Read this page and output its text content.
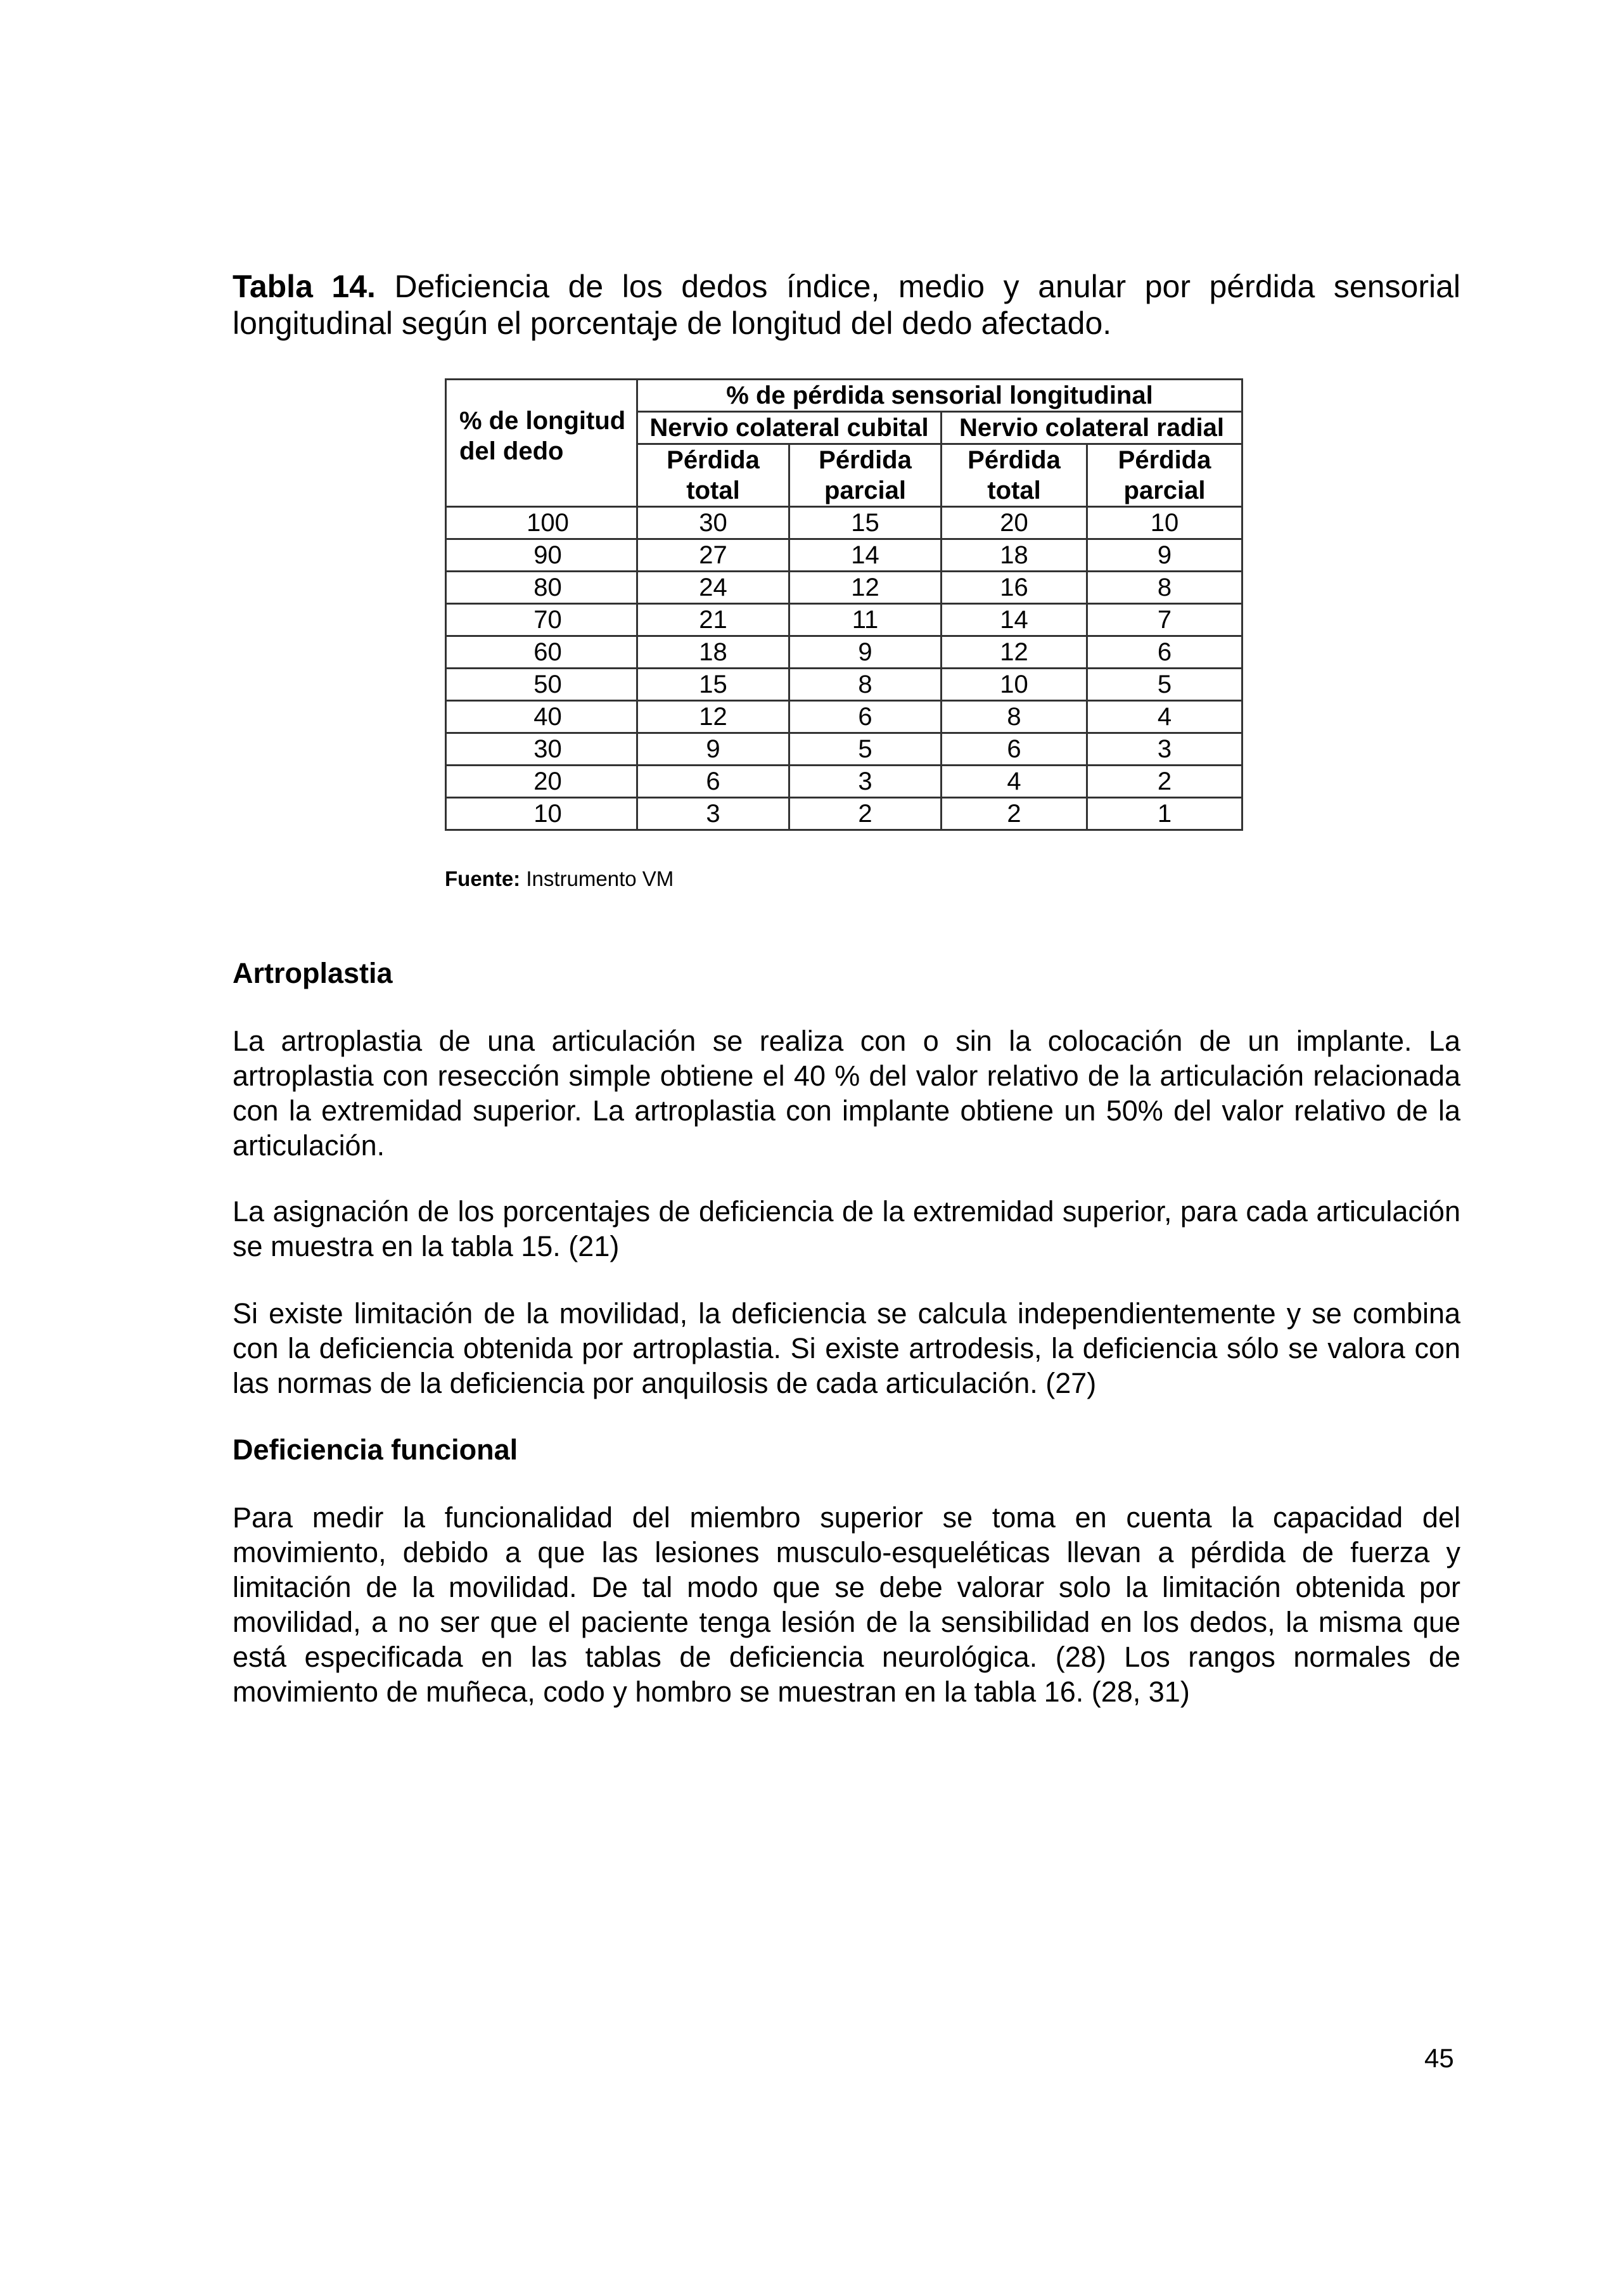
Tabla 14. Deficiencia de los dedos índice, medio y anular por pérdida sensorial longitudinal según el porcentaje de longitud del dedo afectado.
% de longitud del dedo	% de pérdida sensorial longitudinal			
	Nervio colateral cubital		Nervio colateral radial	
	Pérdida total	Pérdida parcial	Pérdida total	Pérdida parcial
100	30	15	20	10
90	27	14	18	9
80	24	12	16	8
70	21	11	14	7
60	18	9	12	6
50	15	8	10	5
40	12	6	8	4
30	9	5	6	3
20	6	3	4	2
10	3	2	2	1
Fuente: Instrumento VM
Artroplastia
La artroplastia de una articulación se realiza con o sin la colocación de un implante. La artroplastia con resección simple obtiene el 40 % del valor relativo de la articulación relacionada con la extremidad superior. La artroplastia con implante obtiene un 50% del valor relativo de la articulación.
La asignación de los porcentajes de deficiencia de la extremidad superior, para cada articulación se muestra en la tabla 15. (21)
Si existe limitación de la movilidad, la deficiencia se calcula independientemente y se combina con la deficiencia obtenida por artroplastia. Si existe artrodesis, la deficiencia sólo se valora con las normas de la deficiencia por anquilosis de cada articulación. (27)
Deficiencia funcional
Para medir la funcionalidad del miembro superior se toma en cuenta la capacidad del movimiento, debido a que las lesiones musculo-esqueléticas llevan a pérdida de fuerza y limitación de la movilidad. De tal modo que se debe valorar solo la limitación obtenida por movilidad, a no ser que el paciente tenga lesión de la sensibilidad en los dedos, la misma que está especificada en las tablas de deficiencia neurológica. (28) Los rangos normales de movimiento de muñeca, codo y hombro se muestran en la tabla 16. (28, 31)
45
